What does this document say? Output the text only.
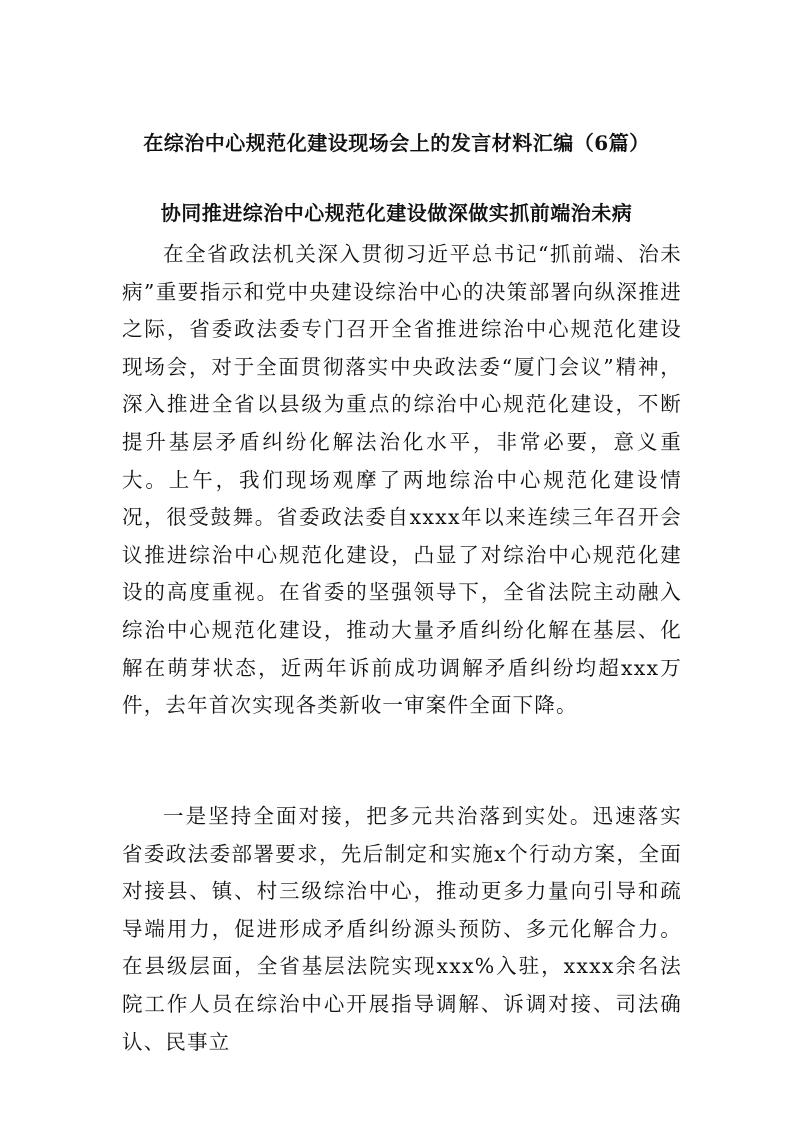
在综治中心规范化建设现场会上的发言材料汇编（6篇）
协同推进综治中心规范化建设做深做实抓前端治未病

在全省政法机关深入贯彻习近平总书记“抓前端、治未病”重要指示和党中央建设综治中心的决策部署向纵深推进之际，省委政法委专门召开全省推进综治中心规范化建设现场会，对于全面贯彻落实中央政法委“厦门会议”精神，深入推进全省以县级为重点的综治中心规范化建设，不断提升基层矛盾纠纷化解法治化水平，非常必要，意义重大。上午，我们现场观摩了两地综治中心规范化建设情况，很受鼓舞。省委政法委自xxxx年以来连续三年召开会议推进综治中心规范化建设，凸显了对综治中心规范化建设的高度重视。在省委的坚强领导下，全省法院主动融入综治中心规范化建设，推动大量矛盾纠纷化解在基层、化解在萌芽状态，近两年诉前成功调解矛盾纠纷均超xxx万件，去年首次实现各类新收一审案件全面下降。

一是坚持全面对接，把多元共治落到实处。迅速落实省委政法委部署要求，先后制定和实施x个行动方案，全面对接县、镇、村三级综治中心，推动更多力量向引导和疏导端用力，促进形成矛盾纠纷源头预防、多元化解合力。在县级层面，全省基层法院实现xxx%入驻，xxxx余名法院工作人员在综治中心开展指导调解、诉调对接、司法确认、民事立
